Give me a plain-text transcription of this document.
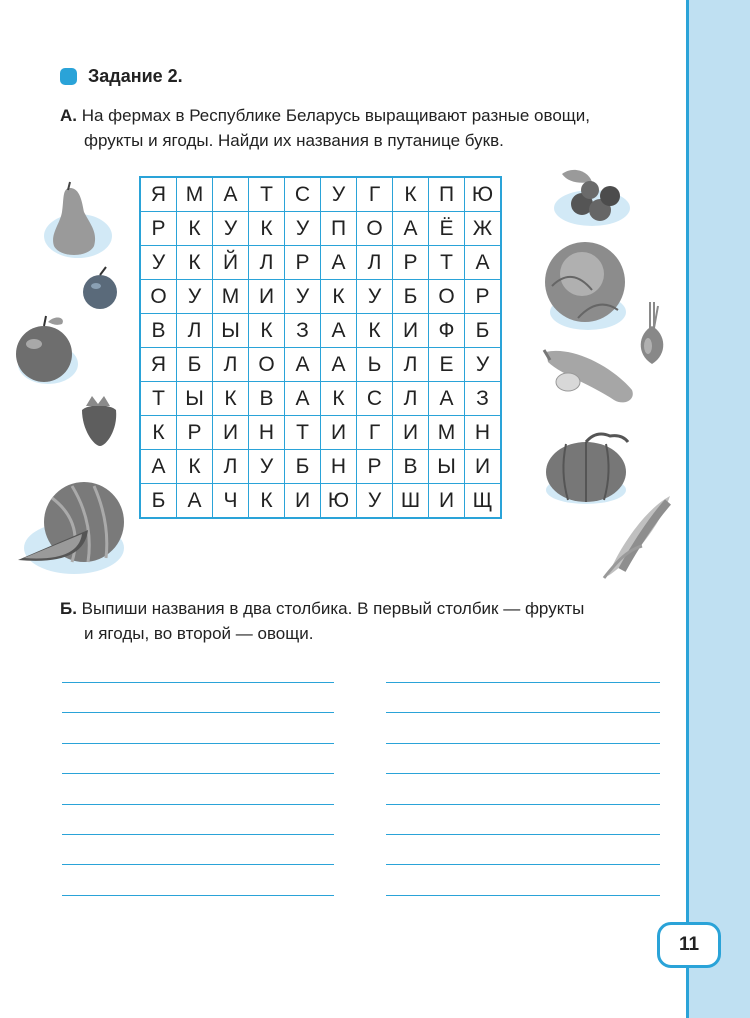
Задание 2.
А. На фермах в Республике Беларусь выращивают разные овощи,
фрукты и ягоды. Найди их названия в путанице букв.
Я	М	А	Т	С	У	Г	К	П	Ю
Р	К	У	К	У	П	О	А	Ё	Ж
У	К	Й	Л	Р	А	Л	Р	Т	А
О	У	М	И	У	К	У	Б	О	Р
В	Л	Ы	К	З	А	К	И	Ф	Б
Я	Б	Л	О	А	А	Ь	Л	Е	У
Т	Ы	К	В	А	К	С	Л	А	З
К	Р	И	Н	Т	И	Г	И	М	Н
А	К	Л	У	Б	Н	Р	В	Ы	И
Б	А	Ч	К	И	Ю	У	Ш	И	Щ
Б. Выпиши названия в два столбика. В первый столбик — фрукты
и ягоды, во второй — овощи.
11
